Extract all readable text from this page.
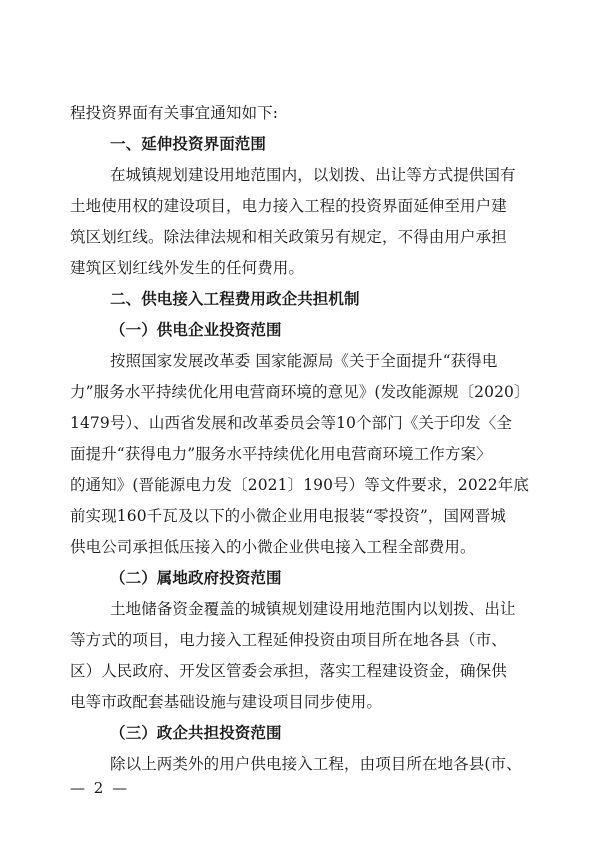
程投资界面有关事宜通知如下:
一、延伸投资界面范围
在城镇规划建设用地范围内，以划拨、出让等方式提供国有
土地使用权的建设项目，电力接入工程的投资界面延伸至用户建
筑区划红线。除法律法规和相关政策另有规定，不得由用户承担
建筑区划红线外发生的任何费用。
二、供电接入工程费用政企共担机制
（一）供电企业投资范围
按照国家发展改革委 国家能源局《关于全面提升“获得电
力”服务水平持续优化用电营商环境的意见》(发改能源规〔2020〕
1479号）、山西省发展和改革委员会等10个部门《关于印发〈全
面提升“获得电力”服务水平持续优化用电营商环境工作方案〉
的通知》(晋能源电力发〔2021〕190号）等文件要求，2022年底
前实现160千瓦及以下的小微企业用电报装“零投资”，国网晋城
供电公司承担低压接入的小微企业供电接入工程全部费用。
（二）属地政府投资范围
土地储备资金覆盖的城镇规划建设用地范围内以划拨、出让
等方式的项目，电力接入工程延伸投资由项目所在地各县（市、
区）人民政府、开发区管委会承担，落实工程建设资金，确保供
电等市政配套基础设施与建设项目同步使用。
（三）政企共担投资范围
除以上两类外的用户供电接入工程，由项目所在地各县(市、
— 2 —
